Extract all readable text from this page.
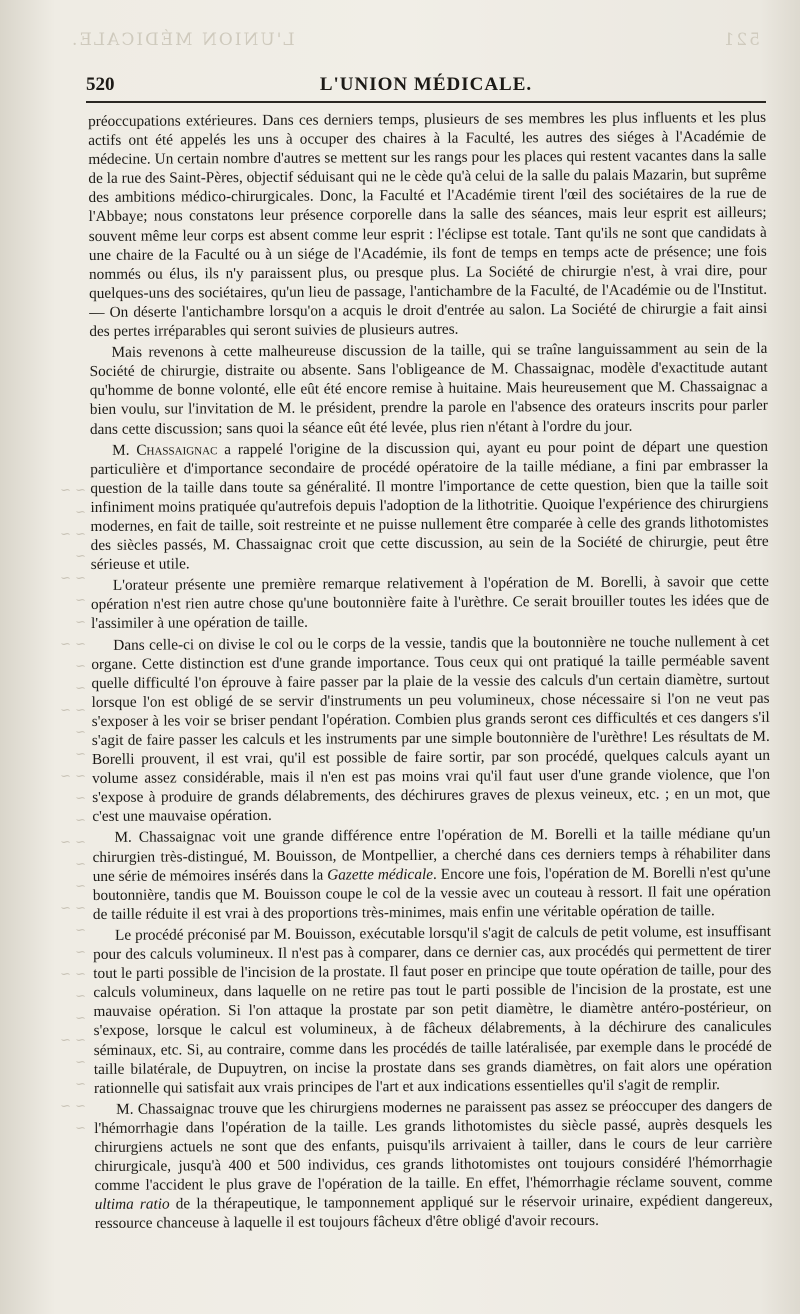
521
L'UNION MÉDICALE.
~ ~
~
~ ~
~
~ ~
~
~
~ ~
~
~
~ ~
~
~
~ ~
~
~
~ ~
~
~
~ ~
~
~
~ ~
~
~
~ ~
~
~
~ ~
~
520	L'UNION MÉDICALE.

préoccupations extérieures. Dans ces derniers temps, plusieurs de ses membres les plus influents et les plus actifs ont été appelés les uns à occuper des chaires à la Faculté, les autres des siéges à l'Académie de médecine. Un certain nombre d'autres se mettent sur les rangs pour les places qui restent vacantes dans la salle de la rue des Saint-Pères, objectif séduisant qui ne le cède qu'à celui de la salle du palais Mazarin, but suprême des ambitions médico-chirurgicales. Donc, la Faculté et l'Académie tirent l'œil des sociétaires de la rue de l'Abbaye; nous constatons leur présence corporelle dans la salle des séances, mais leur esprit est ailleurs; souvent même leur corps est absent comme leur esprit : l'éclipse est totale. Tant qu'ils ne sont que candidats à une chaire de la Faculté ou à un siége de l'Académie, ils font de temps en temps acte de présence; une fois nommés ou élus, ils n'y paraissent plus, ou presque plus. La Société de chirurgie n'est, à vrai dire, pour quelques-uns des sociétaires, qu'un lieu de passage, l'antichambre de la Faculté, de l'Académie ou de l'Institut. — On déserte l'antichambre lorsqu'on a acquis le droit d'entrée au salon. La Société de chirurgie a fait ainsi des pertes irréparables qui seront suivies de plusieurs autres.

Mais revenons à cette malheureuse discussion de la taille, qui se traîne languissamment au sein de la Société de chirurgie, distraite ou absente. Sans l'obligeance de M. Chassaignac, modèle d'exactitude autant qu'homme de bonne volonté, elle eût été encore remise à huitaine. Mais heureusement que M. Chassaignac a bien voulu, sur l'invitation de M. le président, prendre la parole en l'absence des orateurs inscrits pour parler dans cette discussion; sans quoi la séance eût été levée, plus rien n'étant à l'ordre du jour.

M. Chassaignac a rappelé l'origine de la discussion qui, ayant eu pour point de départ une question particulière et d'importance secondaire de procédé opératoire de la taille médiane, a fini par embrasser la question de la taille dans toute sa généralité. Il montre l'importance de cette question, bien que la taille soit infiniment moins pratiquée qu'autrefois depuis l'adoption de la lithotritie. Quoique l'expérience des chirurgiens modernes, en fait de taille, soit restreinte et ne puisse nullement être comparée à celle des grands lithotomistes des siècles passés, M. Chassaignac croit que cette discussion, au sein de la Société de chirurgie, peut être sérieuse et utile.

L'orateur présente une première remarque relativement à l'opération de M. Borelli, à savoir que cette opération n'est rien autre chose qu'une boutonnière faite à l'urèthre. Ce serait brouiller toutes les idées que de l'assimiler à une opération de taille.

Dans celle-ci on divise le col ou le corps de la vessie, tandis que la boutonnière ne touche nullement à cet organe. Cette distinction est d'une grande importance. Tous ceux qui ont pratiqué la taille perméable savent quelle difficulté l'on éprouve à faire passer par la plaie de la vessie des calculs d'un certain diamètre, surtout lorsque l'on est obligé de se servir d'instruments un peu volumineux, chose nécessaire si l'on ne veut pas s'exposer à les voir se briser pendant l'opération. Combien plus grands seront ces difficultés et ces dangers s'il s'agit de faire passer les calculs et les instruments par une simple boutonnière de l'urèthre! Les résultats de M. Borelli prouvent, il est vrai, qu'il est possible de faire sortir, par son procédé, quelques calculs ayant un volume assez considérable, mais il n'en est pas moins vrai qu'il faut user d'une grande violence, que l'on s'expose à produire de grands délabrements, des déchirures graves de plexus veineux, etc. ; en un mot, que c'est une mauvaise opération.

M. Chassaignac voit une grande différence entre l'opération de M. Borelli et la taille médiane qu'un chirurgien très-distingué, M. Bouisson, de Montpellier, a cherché dans ces derniers temps à réhabiliter dans une série de mémoires insérés dans la Gazette médicale. Encore une fois, l'opération de M. Borelli n'est qu'une boutonnière, tandis que M. Bouisson coupe le col de la vessie avec un couteau à ressort. Il fait une opération de taille réduite il est vrai à des proportions très-minimes, mais enfin une véritable opération de taille.

Le procédé préconisé par M. Bouisson, exécutable lorsqu'il s'agit de calculs de petit volume, est insuffisant pour des calculs volumineux. Il n'est pas à comparer, dans ce dernier cas, aux procédés qui permettent de tirer tout le parti possible de l'incision de la prostate. Il faut poser en principe que toute opération de taille, pour des calculs volumineux, dans laquelle on ne retire pas tout le parti possible de l'incision de la prostate, est une mauvaise opération. Si l'on attaque la prostate par son petit diamètre, le diamètre antéro-postérieur, on s'expose, lorsque le calcul est volumineux, à de fâcheux délabrements, à la déchirure des canalicules séminaux, etc. Si, au contraire, comme dans les procédés de taille latéralisée, par exemple dans le procédé de taille bilatérale, de Dupuytren, on incise la prostate dans ses grands diamètres, on fait alors une opération rationnelle qui satisfait aux vrais principes de l'art et aux indications essentielles qu'il s'agit de remplir.

M. Chassaignac trouve que les chirurgiens modernes ne paraissent pas assez se préoccuper des dangers de l'hémorrhagie dans l'opération de la taille. Les grands lithotomistes du siècle passé, auprès desquels les chirurgiens actuels ne sont que des enfants, puisqu'ils arrivaient à tailler, dans le cours de leur carrière chirurgicale, jusqu'à 400 et 500 individus, ces grands lithotomistes ont toujours considéré l'hémorrhagie comme l'accident le plus grave de l'opération de la taille. En effet, l'hémorrhagie réclame souvent, comme ultima ratio de la thérapeutique, le tamponnement appliqué sur le réservoir urinaire, expédient dangereux, ressource chanceuse à laquelle il est toujours fâcheux d'être obligé d'avoir recours.
